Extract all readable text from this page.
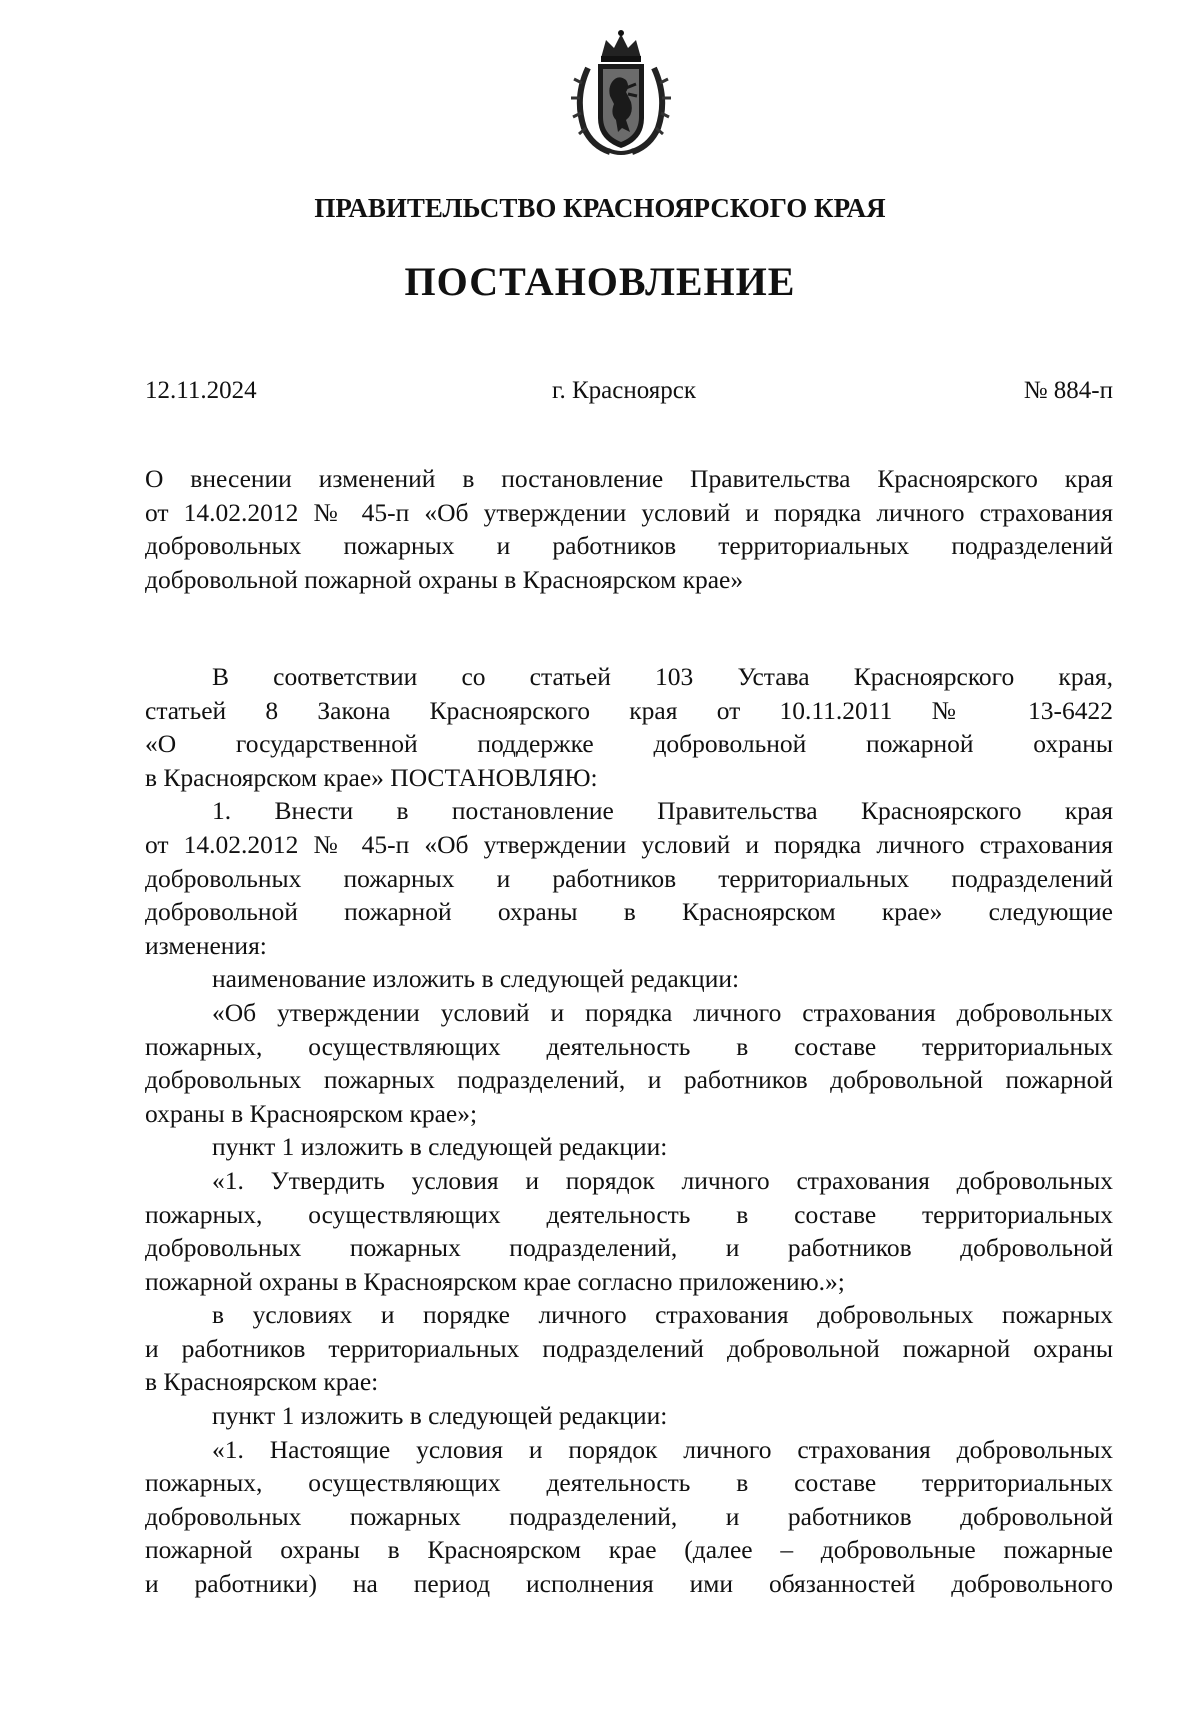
ПРАВИТЕЛЬСТВО КРАСНОЯРСКОГО КРАЯ
ПОСТАНОВЛЕНИЕ
12.11.2024	г. Красноярск	№ 884-п
О внесении изменений в постановление Правительства Красноярского края
от 14.02.2012 № 45-п «Об утверждении условий и порядка личного страхования
добровольных пожарных и работников территориальных подразделений
добровольной пожарной охраны в Красноярском крае»
В соответствии со статьей 103 Устава Красноярского края,
статьей 8 Закона Красноярского края от 10.11.2011 № 13-6422
«О государственной поддержке добровольной пожарной охраны
в Красноярском крае» ПОСТАНОВЛЯЮ:
1. Внести в постановление Правительства Красноярского края
от 14.02.2012 № 45-п «Об утверждении условий и порядка личного страхования
добровольных пожарных и работников территориальных подразделений
добровольной пожарной охраны в Красноярском крае» следующие
изменения:
наименование изложить в следующей редакции:
«Об утверждении условий и порядка личного страхования добровольных
пожарных, осуществляющих деятельность в составе территориальных
добровольных пожарных подразделений, и работников добровольной пожарной
охраны в Красноярском крае»;
пункт 1 изложить в следующей редакции:
«1. Утвердить условия и порядок личного страхования добровольных
пожарных, осуществляющих деятельность в составе территориальных
добровольных пожарных подразделений, и работников добровольной
пожарной охраны в Красноярском крае согласно приложению.»;
в условиях и порядке личного страхования добровольных пожарных
и работников территориальных подразделений добровольной пожарной охраны
в Красноярском крае:
пункт 1 изложить в следующей редакции:
«1. Настоящие условия и порядок личного страхования добровольных
пожарных, осуществляющих деятельность в составе территориальных
добровольных пожарных подразделений, и работников добровольной
пожарной охраны в Красноярском крае (далее – добровольные пожарные
и работники) на период исполнения ими обязанностей добровольного
